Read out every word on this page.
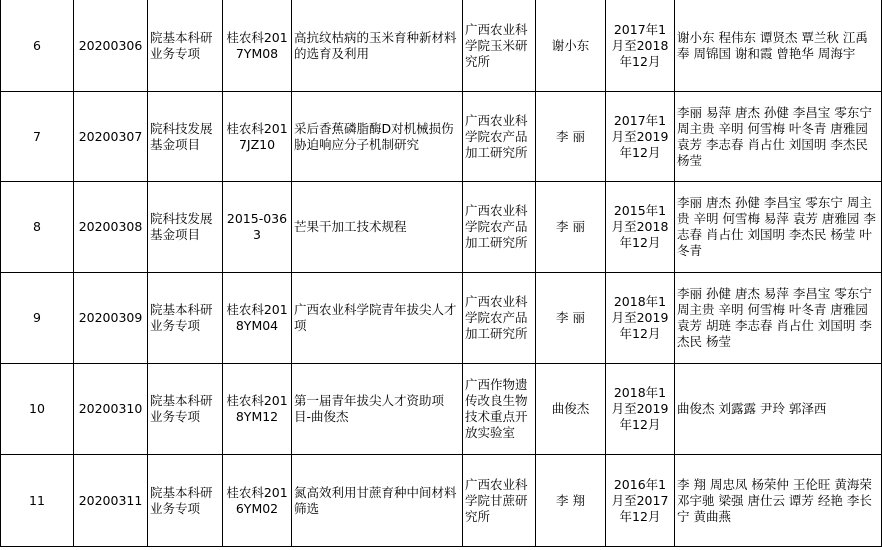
6	20200306	院基本科研业务专项	桂农科2017YM08	高抗纹枯病的玉米育种新材料的选育及利用	广西农业科学院玉米研究所	谢小东	2017年1月至2018年12月	谢小东 程伟东 谭贤杰 覃兰秋 江禹奉 周锦国 谢和霞 曾艳华 周海宇
7	20200307	院科技发展基金项目	桂农科2017JZ10	采后香蕉磷脂酶D对机械损伤胁迫响应分子机制研究	广西农业科学院农产品加工研究所	李 丽	2017年1月至2019年12月	李丽 易萍 唐杰 孙健 李昌宝 零东宁 周主贵 辛明 何雪梅 叶冬青 唐雅园 袁芳 李志春 肖占仕 刘国明 李杰民 杨莹
8	20200308	院科技发展基金项目	2015-0363	芒果干加工技术规程	广西农业科学院农产品加工研究所	李 丽	2015年1月至2018年12月	李丽 唐杰 孙健 李昌宝 零东宁 周主贵 辛明 何雪梅 易萍 袁芳 唐雅园 李志春 肖占仕 刘国明 李杰民 杨莹 叶冬青
9	20200309	院基本科研业务专项	桂农科2018YM04	广西农业科学院青年拔尖人才项	广西农业科学院农产品加工研究所	李 丽	2018年1月至2019年12月	李丽 孙健 唐杰 易萍 李昌宝 零东宁 周主贵 辛明 何雪梅 叶冬青 唐雅园 袁芳 胡琏 李志春 肖占仕 刘国明 李杰民 杨莹
10	20200310	院基本科研业务专项	桂农科2018YM12	第一届青年拔尖人才资助项目-曲俊杰	广西作物遗传改良生物技术重点开放实验室	曲俊杰	2018年1月至2019年12月	曲俊杰 刘露露 尹玲 郭泽西
11	20200311	院基本科研业务专项	桂农科2016YM02	氮高效利用甘蔗育种中间材料筛选	广西农业科学院甘蔗研究所	李 翔	2016年1月至2017年12月	李 翔 周忠凤 杨荣仲 王伦旺 黄海荣 邓宇驰 梁强 唐仕云 谭芳 经艳 李长宁 黄曲燕
